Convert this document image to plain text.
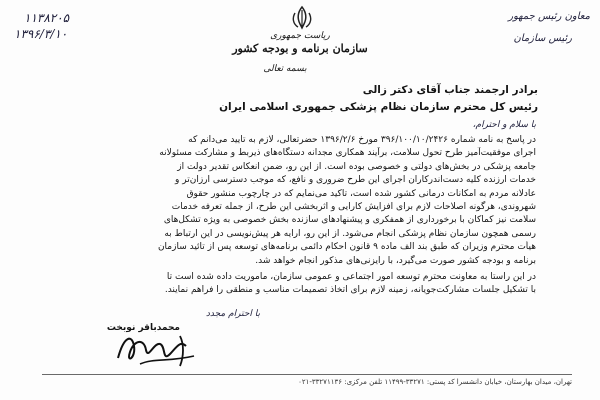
معاون رئیس جمهور
رئیس سازمان
۱۱۳۸۲۰۵
۱۳۹۶/۳/۱۰	ریاست جمهوری
سازمان برنامه و بودجه کشور
بسمه تعالی
برادر ارجمند جناب آقای دکتر زالی
رئیس کل محترم سازمان نظام پزشکی جمهوری اسلامی ایران
با سلام و احترام،
در پاسخ به نامه شماره ۳۹۶/۱۰۰/۱۰/۲۴۲۶ مورخ ۱۳۹۶/۲/۶ حضرتعالی، لازم به تایید می‌دانم که
اجرای موفقیت‌آمیز طرح تحول سلامت، برآیند همکاری مجدانه دستگاه‌های ذیربط و مشارکت مسئولانه
جامعه پزشکی در بخش‌های دولتی و خصوصی بوده است. از این رو، ضمن انعکاس تقدیر دولت از
خدمات ارزنده کلیه دست‌اندرکاران اجرای این طرح ضروری و نافع، که موجب دسترسی ارزان‌تر و
عادلانه مردم به امکانات درمانی کشور شده است، تاکید می‌نمایم که در چارچوب منشور حقوق
شهروندی، هرگونه اصلاحات لازم برای افزایش کارایی و اثربخشی این طرح، از جمله تعرفه خدمات
سلامت نیز کماکان با برخورداری از همفکری و پیشنهادهای سازنده بخش خصوصی به ویژه تشکل‌های
رسمی همچون سازمان نظام پزشکی انجام می‌شود. از این رو، ارایه هر پیش‌نویسی در این ارتباط به
هیأت محترم وزیران که طبق بند الف ماده ۹ قانون احکام دائمی برنامه‌های توسعه پس از تائید سازمان
برنامه و بودجه کشور صورت می‌گیرد، با رایزنی‌های مذکور انجام خواهد شد.
در این راستا به معاونت محترم توسعه امور اجتماعی و عمومی سازمان، ماموریت داده شده است تا
با تشکیل جلسات مشارکت‌جویانه، زمینه لازم برای اتخاذ تصمیمات مناسب و منطقی را فراهم نمایند.
با احترام مجدد
محمدباقر نوبخت
تهران، میدان بهارستان، خیابان دانشسرا کد پستی: ۳۳۲۷۱-۱۱۴۹۹ تلفن مرکزی: ۳۳۲۷۱۱۳۶-۰۲۱
